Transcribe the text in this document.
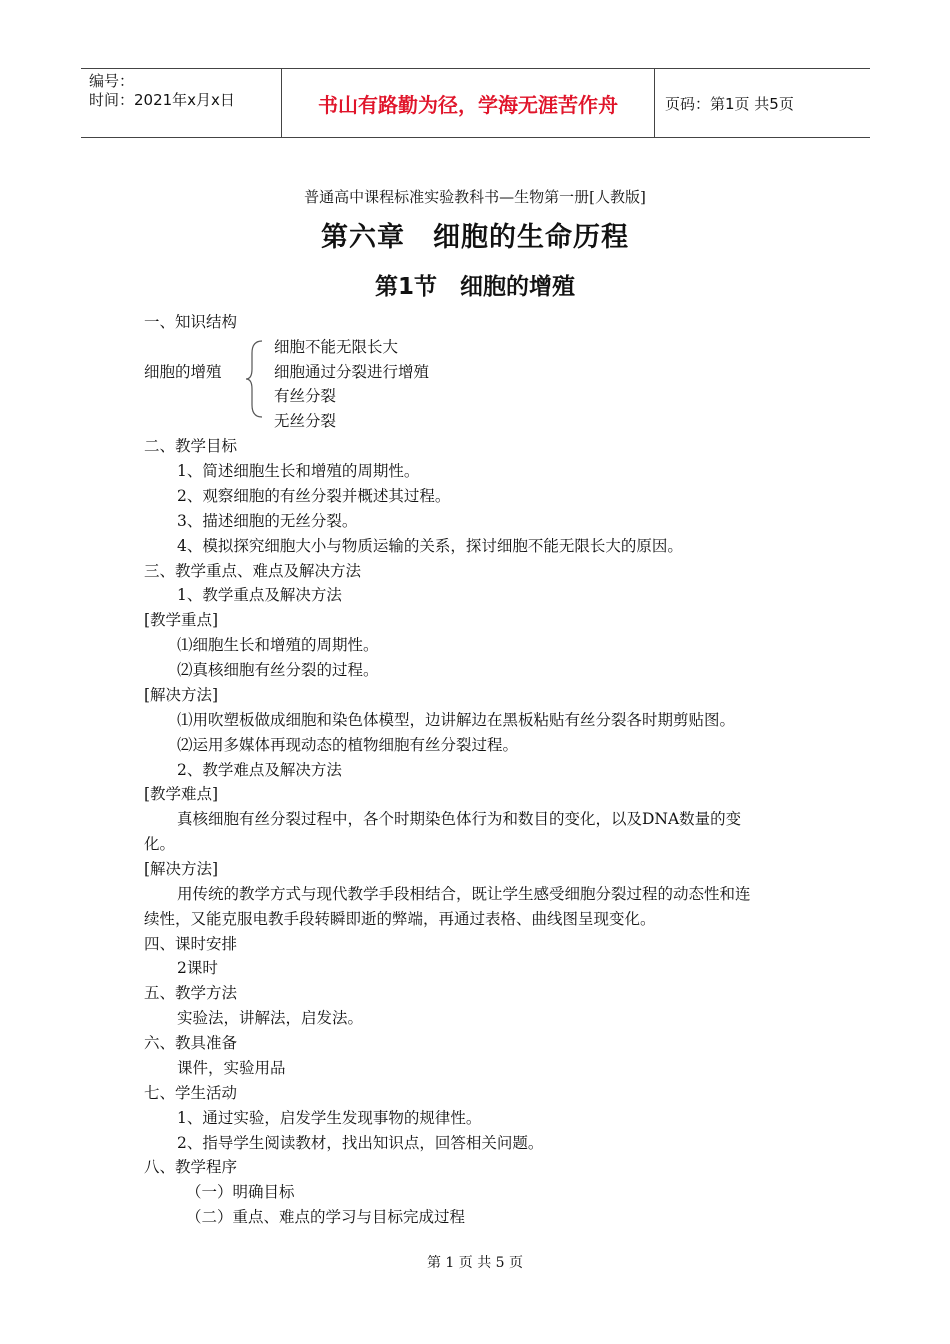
编号：
时间：2021年x月x日	书山有路勤为径，学海无涯苦作舟	页码：第1页 共5页
普通高中课程标准实验教科书—生物第一册[人教版]
第六章　细胞的生命历程
第1节　细胞的增殖
一、知识结构
细胞的增殖
细胞不能无限长大
细胞通过分裂进行增殖
有丝分裂
无丝分裂
二、教学目标
1、简述细胞生长和增殖的周期性。
2、观察细胞的有丝分裂并概述其过程。
3、描述细胞的无丝分裂。
4、模拟探究细胞大小与物质运输的关系，探讨细胞不能无限长大的原因。
三、教学重点、难点及解决方法
1、教学重点及解决方法
[教学重点]
⑴细胞生长和增殖的周期性。
⑵真核细胞有丝分裂的过程。
[解决方法]
⑴用吹塑板做成细胞和染色体模型，边讲解边在黑板粘贴有丝分裂各时期剪贴图。
⑵运用多媒体再现动态的植物细胞有丝分裂过程。
2、教学难点及解决方法
[教学难点]
真核细胞有丝分裂过程中，各个时期染色体行为和数目的变化，以及DNA数量的变
化。
[解决方法]
用传统的教学方式与现代教学手段相结合，既让学生感受细胞分裂过程的动态性和连
续性，又能克服电教手段转瞬即逝的弊端，再通过表格、曲线图呈现变化。
四、课时安排
2课时
五、教学方法
实验法，讲解法，启发法。
六、教具准备
课件，实验用品
七、学生活动
1、通过实验，启发学生发现事物的规律性。
2、指导学生阅读教材，找出知识点，回答相关问题。
八、教学程序
（一）明确目标
（二）重点、难点的学习与目标完成过程
第 1 页 共 5 页
